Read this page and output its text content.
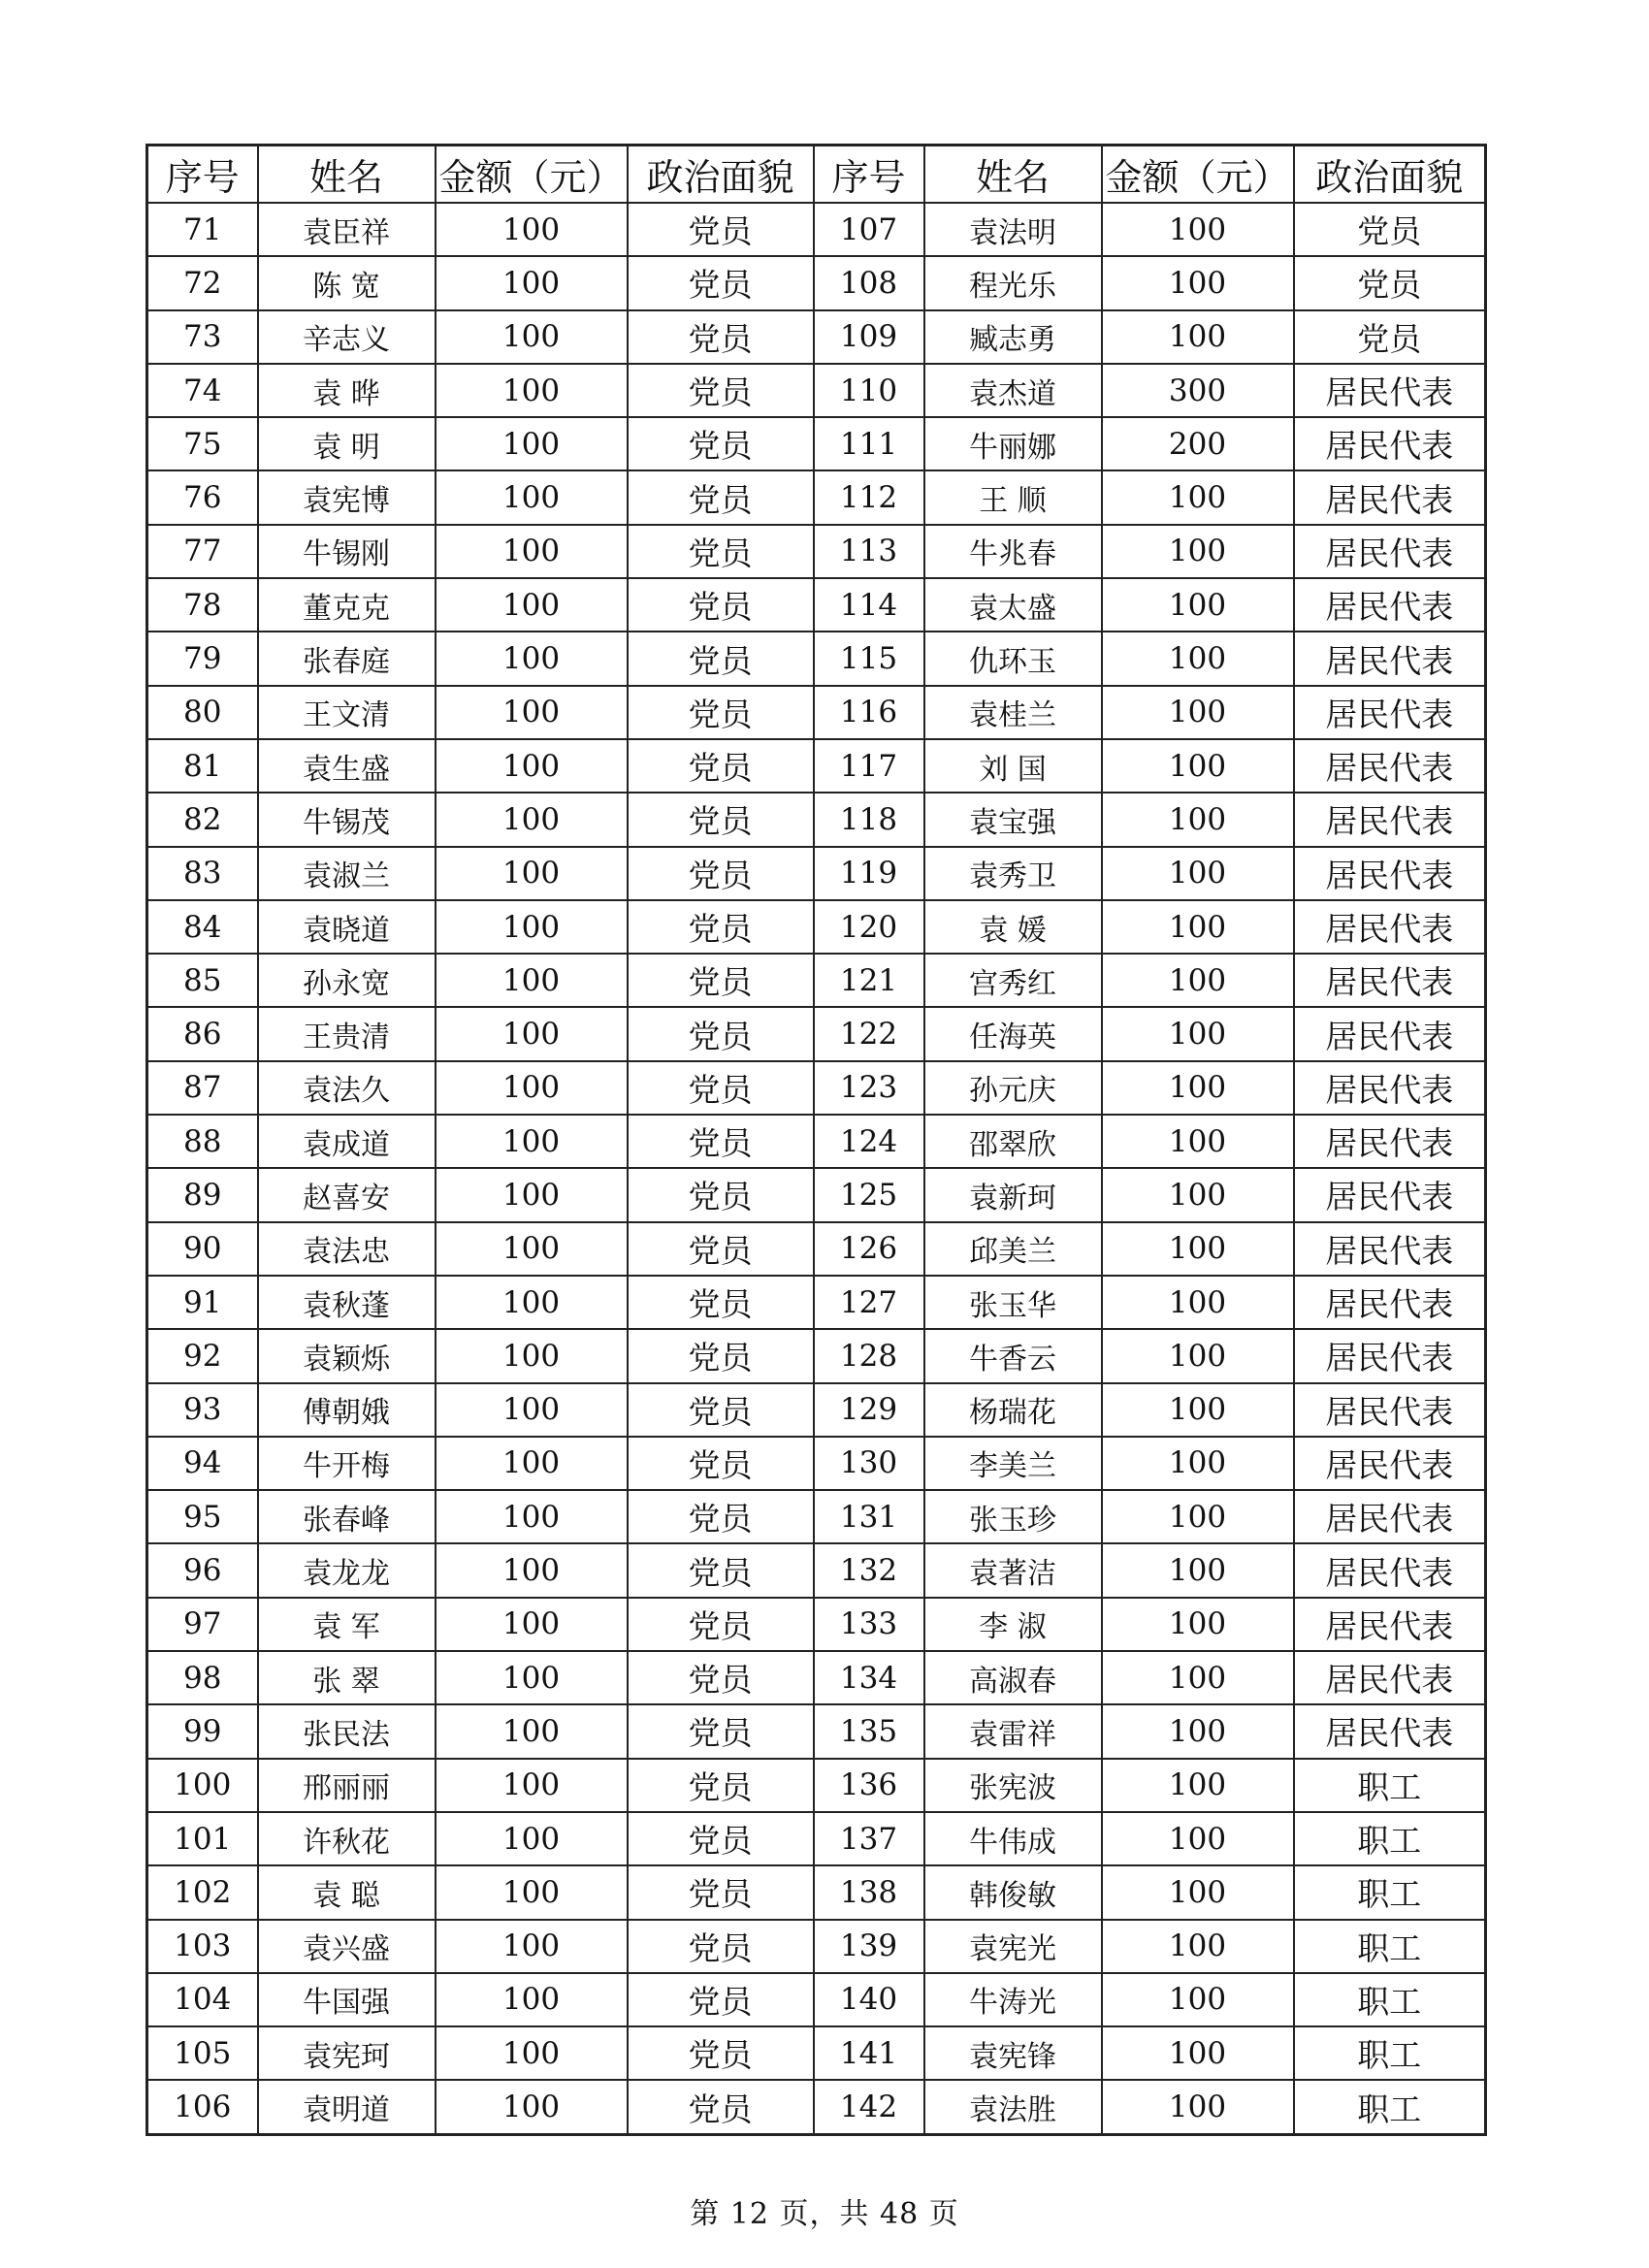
序号	姓名	金额（元）	政治面貌	序号	姓名	金额（元）	政治面貌
71	袁臣祥	100	党员	107	袁法明	100	党员
72	陈 宽	100	党员	108	程光乐	100	党员
73	辛志义	100	党员	109	臧志勇	100	党员
74	袁 晔	100	党员	110	袁杰道	300	居民代表
75	袁 明	100	党员	111	牛丽娜	200	居民代表
76	袁宪博	100	党员	112	王 顺	100	居民代表
77	牛锡刚	100	党员	113	牛兆春	100	居民代表
78	董克克	100	党员	114	袁太盛	100	居民代表
79	张春庭	100	党员	115	仇环玉	100	居民代表
80	王文清	100	党员	116	袁桂兰	100	居民代表
81	袁生盛	100	党员	117	刘 国	100	居民代表
82	牛锡茂	100	党员	118	袁宝强	100	居民代表
83	袁淑兰	100	党员	119	袁秀卫	100	居民代表
84	袁晓道	100	党员	120	袁 媛	100	居民代表
85	孙永宽	100	党员	121	宫秀红	100	居民代表
86	王贵清	100	党员	122	任海英	100	居民代表
87	袁法久	100	党员	123	孙元庆	100	居民代表
88	袁成道	100	党员	124	邵翠欣	100	居民代表
89	赵喜安	100	党员	125	袁新珂	100	居民代表
90	袁法忠	100	党员	126	邱美兰	100	居民代表
91	袁秋蓬	100	党员	127	张玉华	100	居民代表
92	袁颖烁	100	党员	128	牛香云	100	居民代表
93	傅朝娥	100	党员	129	杨瑞花	100	居民代表
94	牛开梅	100	党员	130	李美兰	100	居民代表
95	张春峰	100	党员	131	张玉珍	100	居民代表
96	袁龙龙	100	党员	132	袁著洁	100	居民代表
97	袁 军	100	党员	133	李 淑	100	居民代表
98	张 翠	100	党员	134	高淑春	100	居民代表
99	张民法	100	党员	135	袁雷祥	100	居民代表
100	邢丽丽	100	党员	136	张宪波	100	职工
101	许秋花	100	党员	137	牛伟成	100	职工
102	袁 聪	100	党员	138	韩俊敏	100	职工
103	袁兴盛	100	党员	139	袁宪光	100	职工
104	牛国强	100	党员	140	牛涛光	100	职工
105	袁宪珂	100	党员	141	袁宪锋	100	职工
106	袁明道	100	党员	142	袁法胜	100	职工
第 12 页，共 48 页
